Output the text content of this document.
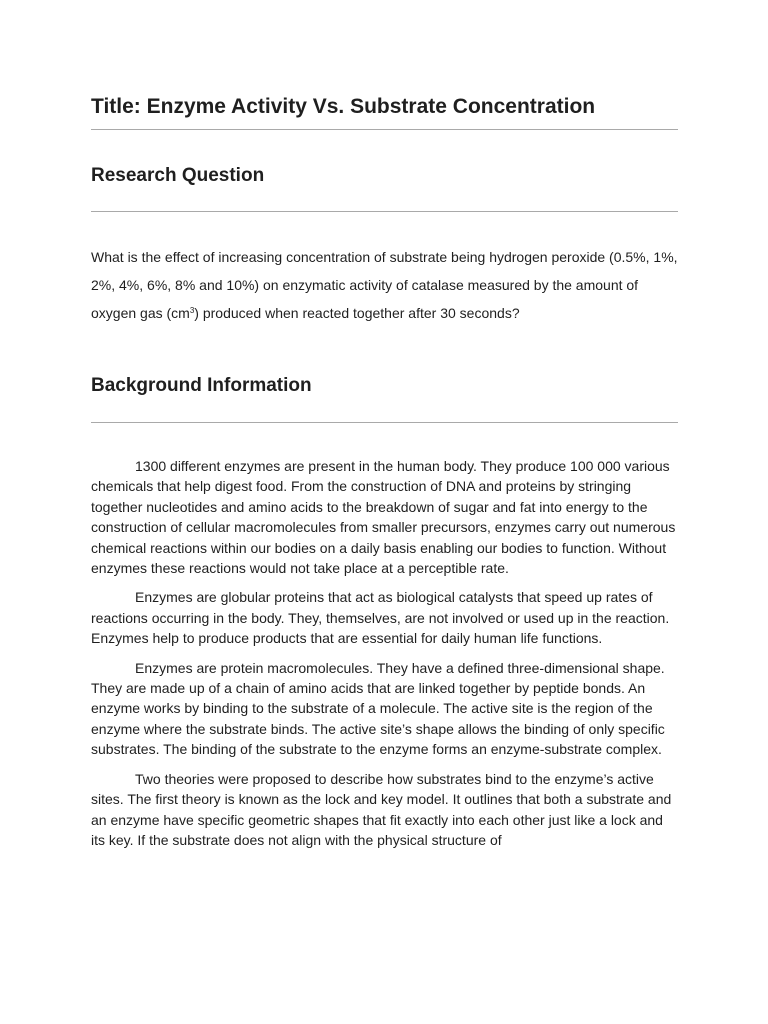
Title: Enzyme Activity Vs. Substrate Concentration
Research Question

What is the effect of increasing concentration of substrate being hydrogen peroxide (0.5%, 1%, 2%, 4%, 6%, 8% and 10%) on enzymatic activity of catalase measured by the amount of oxygen gas $(cm^3)$ produced when reacted together after 30 seconds?

Background Information

1300 different enzymes are present in the human body. They produce 100 000 various chemicals that help digest food. From the construction of DNA and proteins by stringing together nucleotides and amino acids to the breakdown of sugar and fat into energy to the construction of cellular macromolecules from smaller precursors, enzymes carry out numerous chemical reactions within our bodies on a daily basis enabling our bodies to function. Without enzymes these reactions would not take place at a perceptible rate.

Enzymes are globular proteins that act as biological catalysts that speed up rates of reactions occurring in the body. They, themselves, are not involved or used up in the reaction. Enzymes help to produce products that are essential for daily human life functions.

Enzymes are protein macromolecules. They have a defined three-dimensional shape. They are made up of a chain of amino acids that are linked together by peptide bonds. An enzyme works by binding to the substrate of a molecule. The active site is the region of the enzyme where the substrate binds. The active site’s shape allows the binding of only specific substrates. The binding of the substrate to the enzyme forms an enzyme-substrate complex.

Two theories were proposed to describe how substrates bind to the enzyme’s active sites. The first theory is known as the lock and key model. It outlines that both a substrate and an enzyme have specific geometric shapes that fit exactly into each other just like a lock and its key. If the substrate does not align with the physical structure of
